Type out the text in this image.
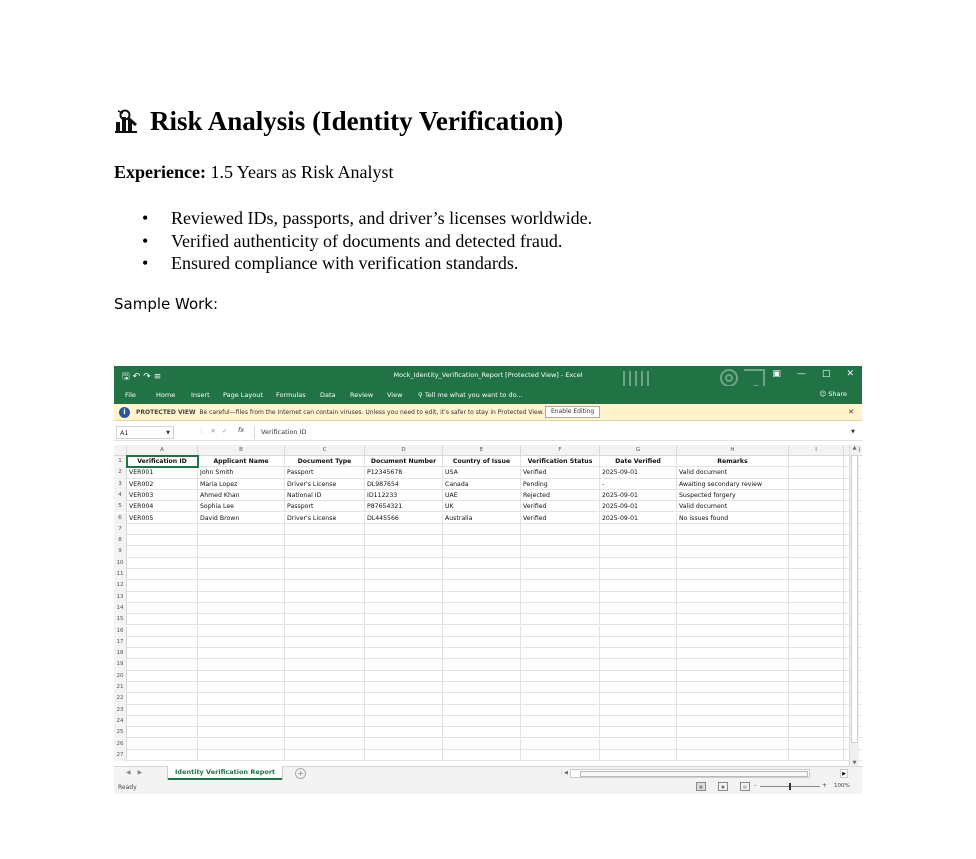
Risk Analysis (Identity Verification)
Experience: 1.5 Years as Risk Analyst
• Reviewed IDs, passports, and driver’s licenses worldwide.
• Verified authenticity of documents and detected fraud.
• Ensured compliance with verification standards.
Sample Work:
🖫↶↷≡	Mock_Identity_Verification_Report [Protected View] - Excel	▣ — □ ✕
File	Home Insert Page Layout Formulas Data Review View ⚲ Tell me what you want to do...	☺ Share
i	PROTECTED VIEW Be careful—files from the Internet can contain viruses. Unless you need to edit, it's safer to stay in Protected View.	Enable Editing	✕
A1	▼	⋮✕✓ fx	Verification ID	▼
A	B	C	D	E	F	G	H	I	J
1	Verification ID	Applicant Name	Document Type	Document Number	Country of Issue	Verification Status	Date Verified	Remarks
2	VER001	John Smith	Passport	P12345678	USA	Verified	2025-09-01	Valid document
3	VER002	Maria Lopez	Driver's License	DL987654	Canada	Pending	-	Awaiting secondary review
4	VER003	Ahmed Khan	National ID	ID112233	UAE	Rejected	2025-09-01	Suspected forgery
5	VER004	Sophia Lee	Passport	P87654321	UK	Verified	2025-09-01	Valid document
6	VER005	David Brown	Driver's License	DL445566	Australia	Verified	2025-09-01	No issues found
7
8
9
10
11
12
13
14
15
16
17
18
19
20
21
22
23
24
25
26
27
▲
▼
◀▶	Identity Verification Report	+	⋮◀	▶
Ready	▦	▣	▤	-	+ 100%
